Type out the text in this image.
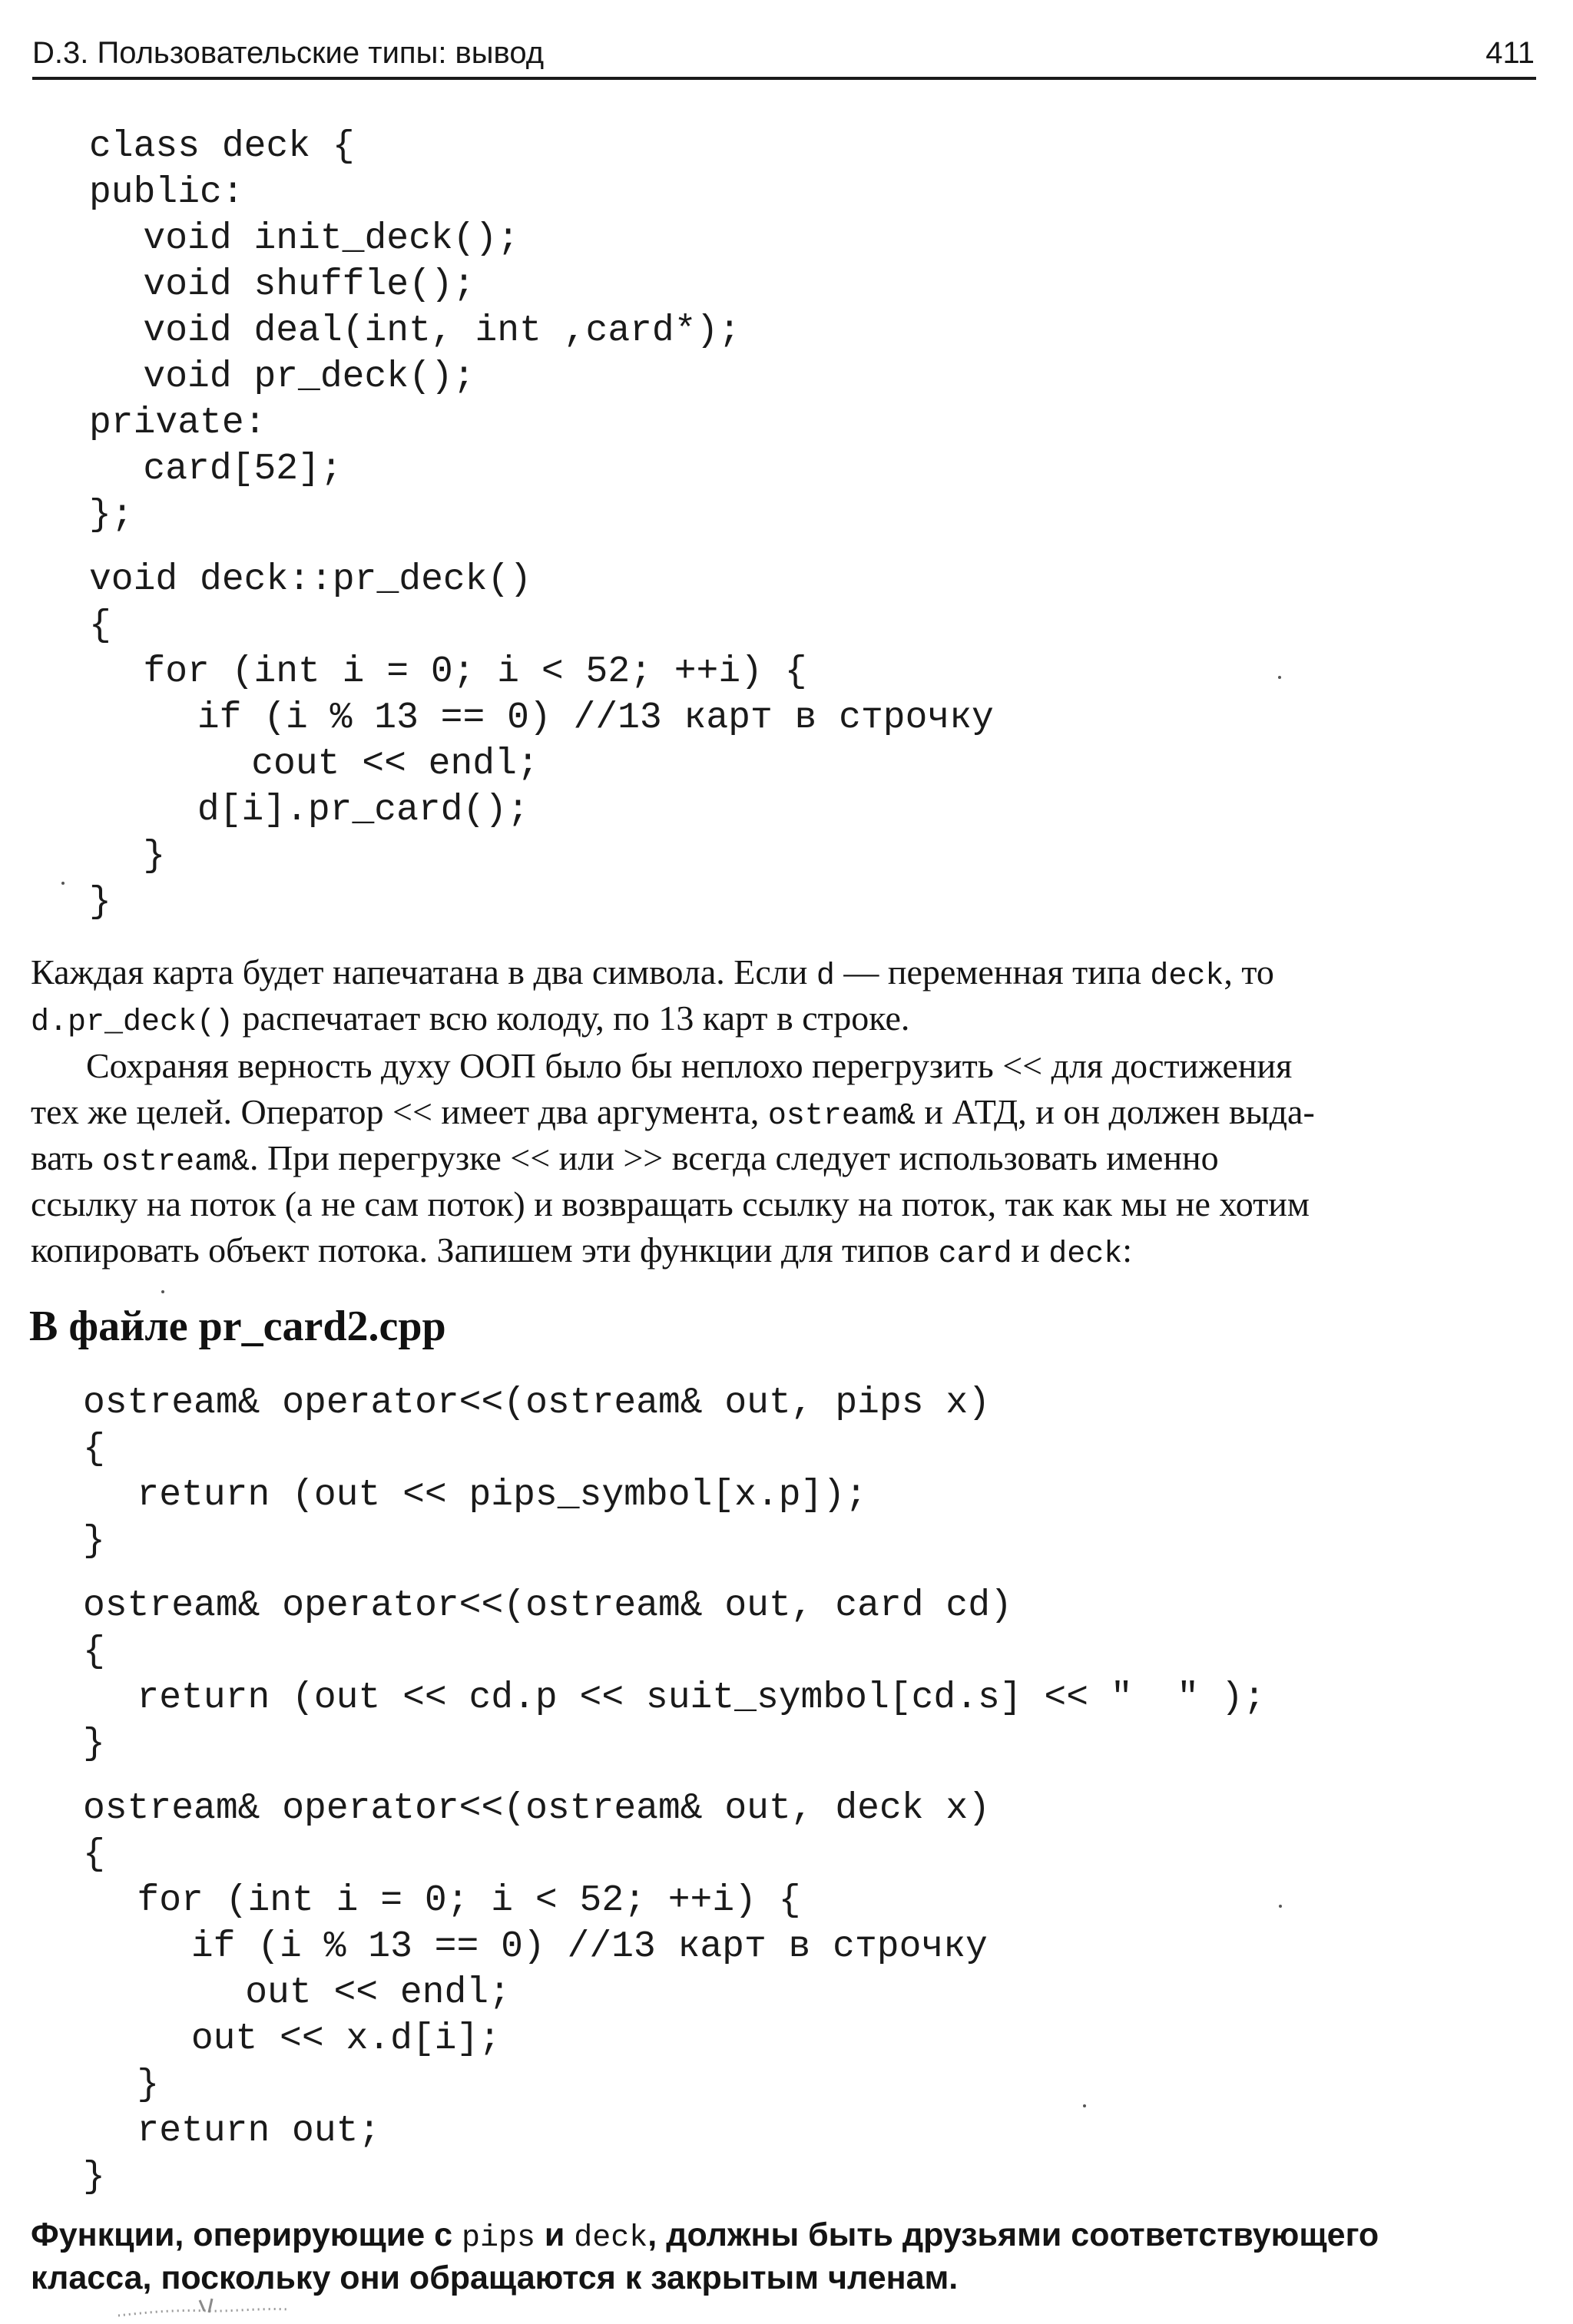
D.3. Пользовательские типы: вывод	411
class deck {
public:
void init_deck();
void shuffle();
void deal(int, int ,card*);
void pr_deck();
private:
card[52];
};
void deck::pr_deck()
{
for (int i = 0; i < 52; ++i) {
if (i % 13 == 0) //13 карт в строчку
cout << endl;
d[i].pr_card();
}
}
Каждая карта будет напечатана в два символа. Если d — переменная типа deck, то
d.pr_deck() распечатает всю колоду, по 13 карт в строке.
Сохраняя верность духу ООП было бы неплохо перегрузить << для достижения
тех же целей. Оператор << имеет два аргумента, ostream& и АТД, и он должен выда-
вать ostream&. При перегрузке << или >> всегда следует использовать именно
ссылку на поток (а не сам поток) и возвращать ссылку на поток, так как мы не хотим
копировать объект потока. Запишем эти функции для типов card и deck:
В файле pr_card2.cpp
ostream& operator<<(ostream& out, pips x)
{
return (out << pips_symbol[x.p]);
}
ostream& operator<<(ostream& out, card cd)
{
return (out << cd.p << suit_symbol[cd.s] << "  " );
}
ostream& operator<<(ostream& out, deck x)
{
for (int i = 0; i < 52; ++i) {
if (i % 13 == 0) //13 карт в строчку
out << endl;
out << x.d[i];
}
return out;
}
Функции, оперирующие с pips и deck, должны быть друзьями соответствующего
класса, поскольку они обращаются к закрытым членам.
